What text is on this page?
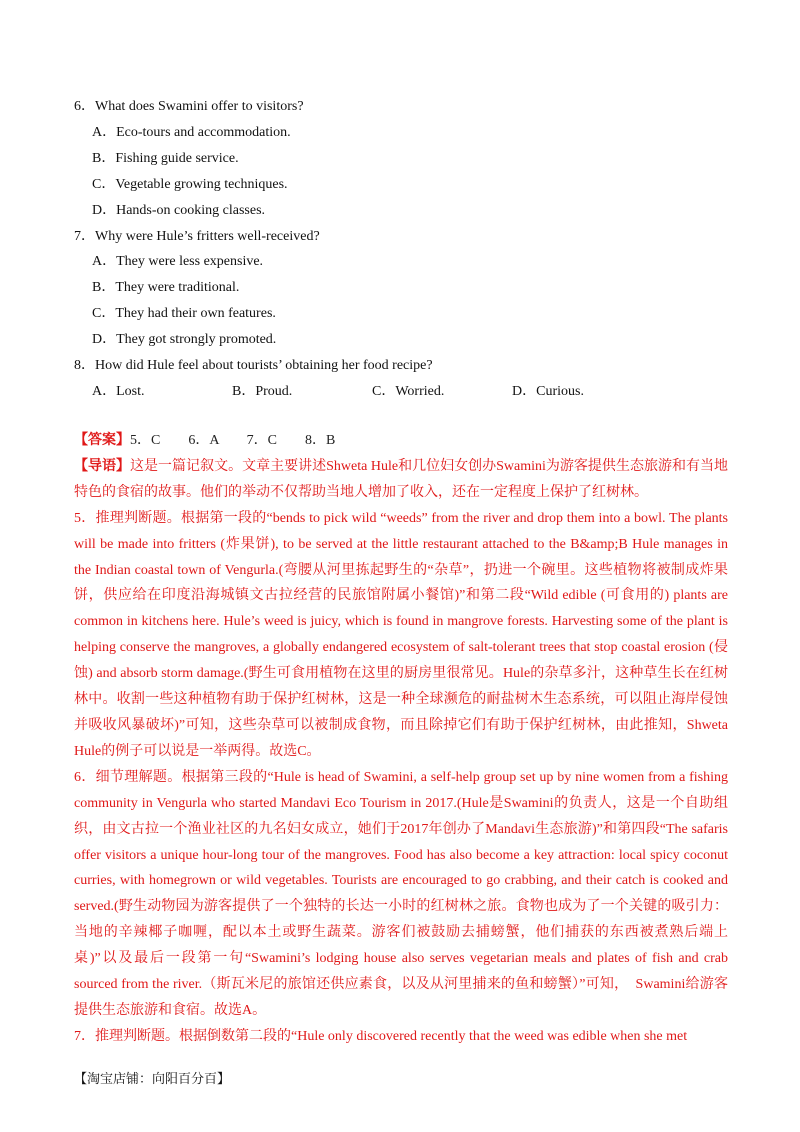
6．What does Swamini offer to visitors?
A．Eco-tours and accommodation.
B．Fishing guide service.
C．Vegetable growing techniques.
D．Hands-on cooking classes.
7．Why were Hule’s fritters well-received?
A．They were less expensive.
B．They were traditional.
C．They had their own features.
D．They got strongly promoted.
8．How did Hule feel about tourists’ obtaining her food recipe?
A．Lost.	B．Proud.	C．Worried.	D．Curious.

【答案】5．C　　6．A　　7．C　　8．B

【导语】这是一篇记叙文。文章主要讲述Shweta Hule和几位妇女创办Swamini为游客提供生态旅游和有当地特色的食宿的故事。他们的举动不仅帮助当地人增加了收入，还在一定程度上保护了红树林。

5．推理判断题。根据第一段的“bends to pick wild “weeds” from the river and drop them into a bowl. The plants will be made into fritters (炸果饼), to be served at the little restaurant attached to the B&amp;B Hule manages in the Indian coastal town of Vengurla.(弯腰从河里拣起野生的“杂草”，扔进一个碗里。这些植物将被制成炸果饼，供应给在印度沿海城镇文古拉经营的民旅馆附属小餐馆)”和第二段“Wild edible (可食用的) plants are common in kitchens here. Hule’s weed is juicy, which is found in mangrove forests. Harvesting some of the plant is helping conserve the mangroves, a globally endangered ecosystem of salt-tolerant trees that stop coastal erosion (侵蚀) and absorb storm damage.(野生可食用植物在这里的厨房里很常见。Hule的杂草多汁，这种草生长在红树林中。收割一些这种植物有助于保护红树林，这是一种全球濒危的耐盐树木生态系统，可以阻止海岸侵蚀并吸收风暴破坏)”可知，这些杂草可以被制成食物，而且除掉它们有助于保护红树林，由此推知，Shweta Hule的例子可以说是一举两得。故选C。

6．细节理解题。根据第三段的“Hule is head of Swamini, a self-help group set up by nine women from a fishing community in Vengurla who started Mandavi Eco Tourism in 2017.(Hule是Swamini的负责人，这是一个自助组织，由文古拉一个渔业社区的九名妇女成立，她们于2017年创办了Mandavi生态旅游)”和第四段“The safaris offer visitors a unique hour-long tour of the mangroves. Food has also become a key attraction: local spicy coconut curries, with homegrown or wild vegetables. Tourists are encouraged to go crabbing, and their catch is cooked and served.(野生动物园为游客提供了一个独特的长达一小时的红树林之旅。食物也成为了一个关键的吸引力：当地的辛辣椰子咖喱，配以本土或野生蔬菜。游客们被鼓励去捕螃蟹，他们捕获的东西被煮熟后端上桌)”以及最后一段第一句“Swamini’s lodging house also serves vegetarian meals and plates of fish and crab sourced from the river.（斯瓦米尼的旅馆还供应素食，以及从河里捕来的鱼和螃蟹）”可知，　Swamini给游客提供生态旅游和食宿。故选A。

7．推理判断题。根据倒数第二段的“Hule only discovered recently that the weed was edible when she met

【淘宝店铺：向阳百分百】
